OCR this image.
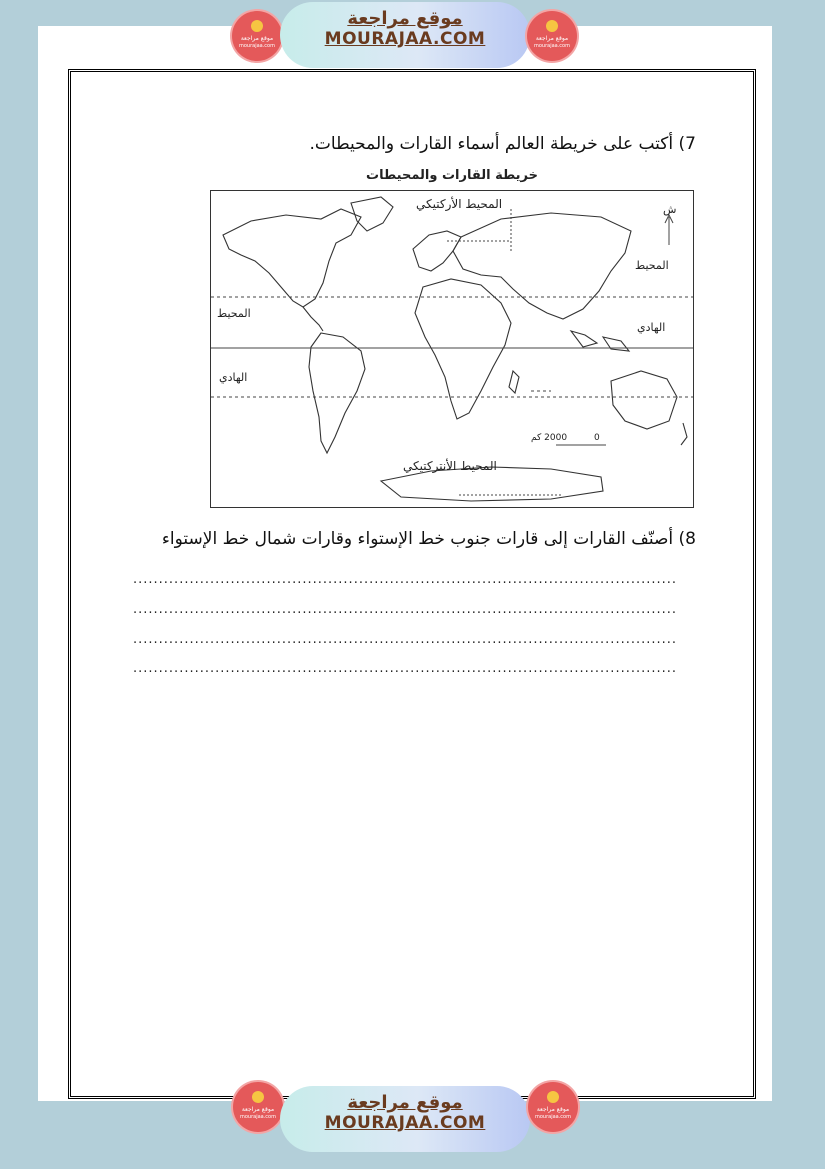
موقع مراجعة
mourajaa.com
موقع مراجعة
MOURAJAA.COM	موقع مراجعة
mourajaa.com
7) أكتب على خريطة العالم أسماء القارات والمحيطات.
خريطة القارات والمحيطات
المحيط الأركتيكي
المحيط الأنتركتيكي
المحيط
الهادي
المحيط
الهادي
ش
2000 كم	0
8) أصنّف القارات إلى قارات جنوب خط الإستواء وقارات شمال خط الإستواء
..........................................................................................................
..........................................................................................................
..........................................................................................................
..........................................................................................................
موقع مراجعة
mourajaa.com
موقع مراجعة
MOURAJAA.COM
موقع مراجعة
mourajaa.com
